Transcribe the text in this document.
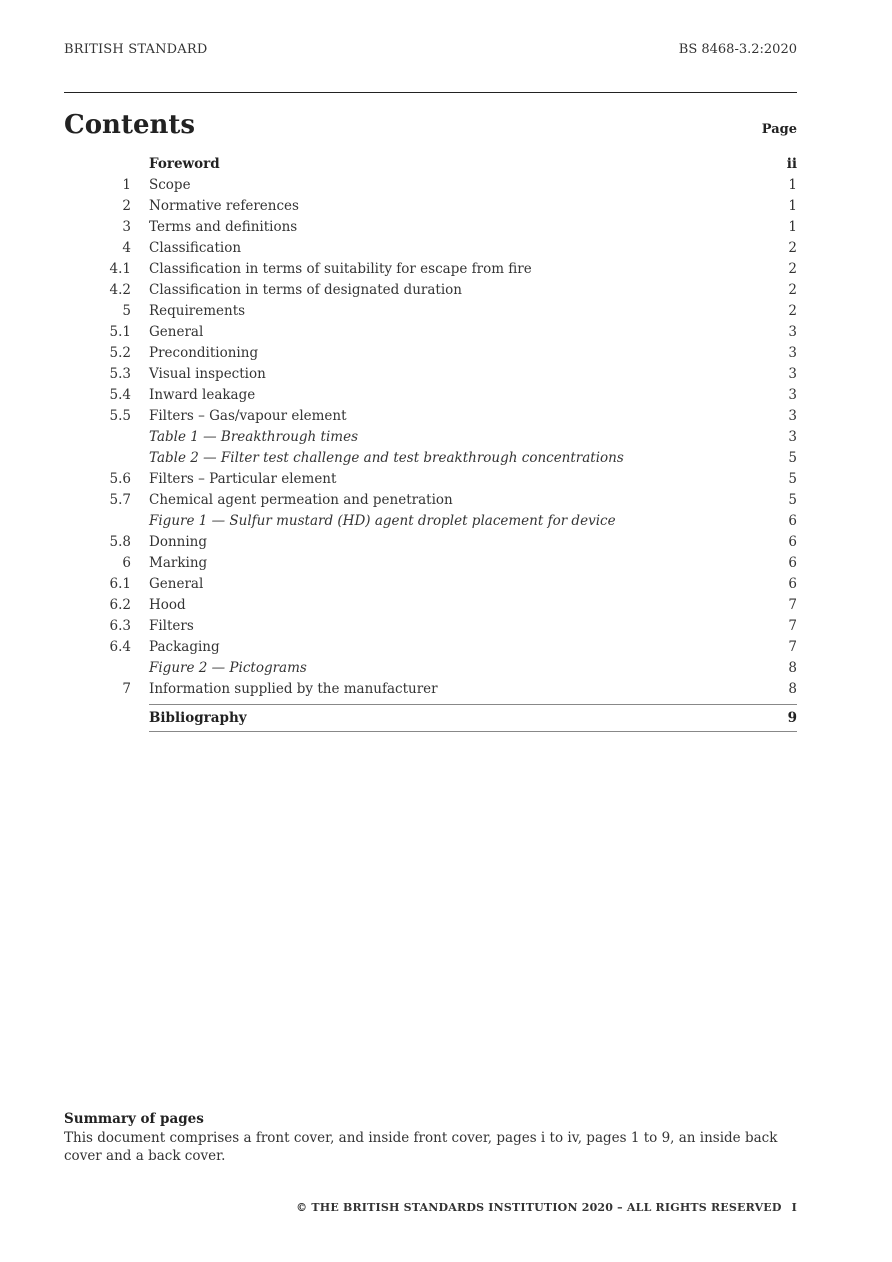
BRITISH STANDARD	BS 8468-3.2:2020
Contents	Page
Foreword	ii
1 Scope	1
2 Normative references	1
3 Terms and definitions	1
4 Classification	2
4.1 Classification in terms of suitability for escape from fire	2
4.2 Classification in terms of designated duration	2
5 Requirements	2
5.1 General	3
5.2 Preconditioning	3
5.3 Visual inspection	3
5.4 Inward leakage	3
5.5 Filters – Gas/vapour element	3
Table 1 — Breakthrough times	3
Table 2 — Filter test challenge and test breakthrough concentrations	5
5.6 Filters – Particular element	5
5.7 Chemical agent permeation and penetration	5
Figure 1 — Sulfur mustard (HD) agent droplet placement for device	6
5.8 Donning	6
6 Marking	6
6.1 General	6
6.2 Hood	7
6.3 Filters	7
6.4 Packaging	7
Figure 2 — Pictograms	8
7 Information supplied by the manufacturer	8
Bibliography	9
Summary of pages
This document comprises a front cover, and inside front cover, pages i to iv, pages 1 to 9, an inside back cover and a back cover.
© THE BRITISH STANDARDS INSTITUTION 2020 – ALL RIGHTS RESERVED I
